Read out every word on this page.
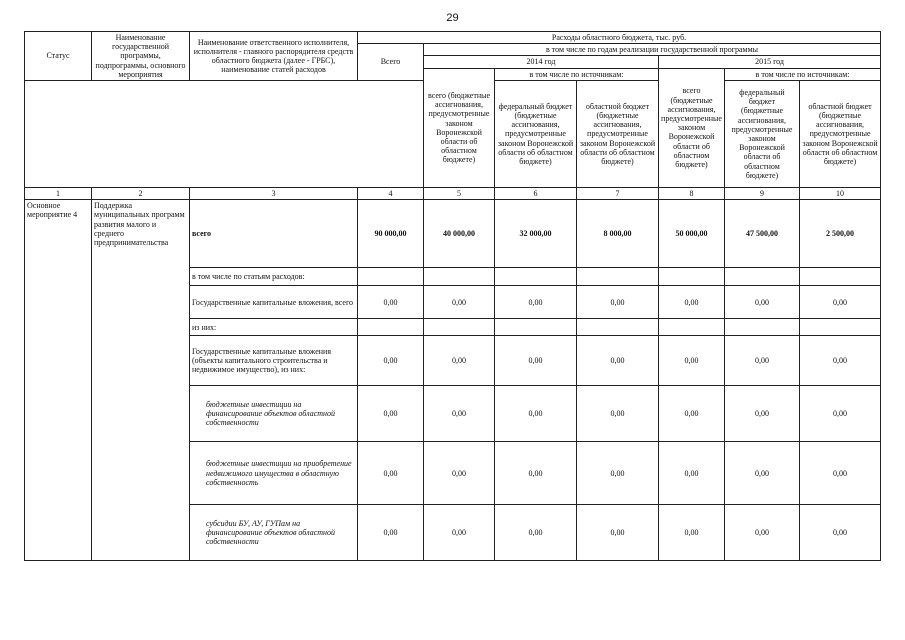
29
Статус	Наименование государственной программы, подпрограммы, основного мероприятия	Наименование ответственного исполнителя, исполнителя - главного распорядителя средств областного бюджета (далее - ГРБС), наименование статей расходов	Расходы областного бюджета, тыс. руб.						
			Всего	в том числе по годам реализации государственной программы					
				2014 год			2015 год		
				всего (бюджетные ассигнования, предусмотренные законом Воронежской области об областном бюджете)	в том числе по источникам:		всего (бюджетные ассигнования, предусмотренные законом Воронежской области об областном бюджете)	в том числе по источникам:	
					федеральный бюджет (бюджетные ассигнования, предусмотренные законом Воронежской области об областном бюджете)	областной бюджет (бюджетные ассигнования, предусмотренные законом Воронежской области об областном бюджете)		федеральный бюджет (бюджетные ассигнования, предусмотренные законом Воронежской области об областном бюджете)	областной бюджет (бюджетные ассигнования, предусмотренные законом Воронежской области об областном бюджете)
1	2	3	4	5	6	7	8	9	10
Основное мероприятие 4	Поддержка муниципальных программ развития малого и среднего предпринимательства	всего	90 000,00	40 000,00	32 000,00	8 000,00	50 000,00	47 500,00	2 500,00
		в том числе по статьям расходов:							
		Государственные капитальные вложения, всего	0,00	0,00	0,00	0,00	0,00	0,00	0,00
		из них:							
		Государственные капитальные вложения (объекты капитального строительства и недвижимое имущество), из них:	0,00	0,00	0,00	0,00	0,00	0,00	0,00
		бюджетные инвестиции на финансирование объектов областной собственности	0,00	0,00	0,00	0,00	0,00	0,00	0,00
		бюджетные инвестиции на приобретение недвижимого имущества в областную собственность	0,00	0,00	0,00	0,00	0,00	0,00	0,00
		субсидии БУ, АУ, ГУПам на финансирование объектов областной собственности	0,00	0,00	0,00	0,00	0,00	0,00	0,00
